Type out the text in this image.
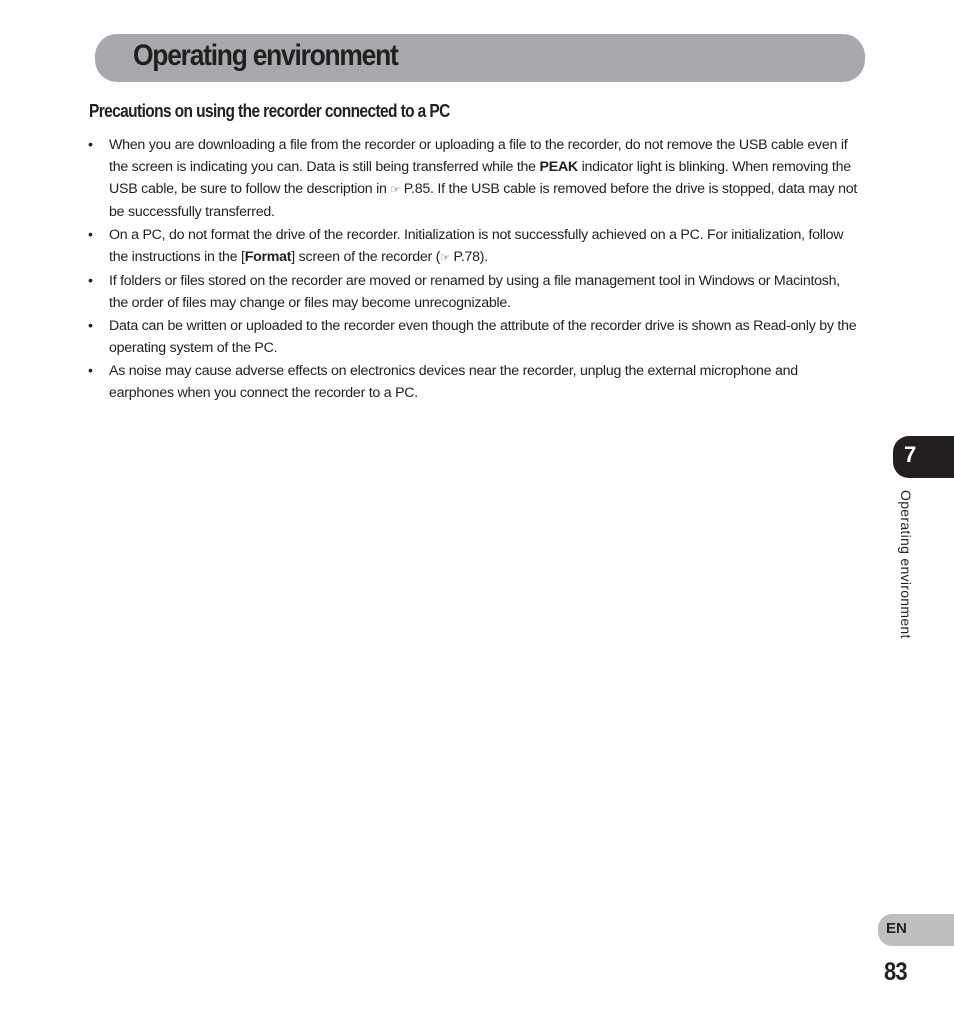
Operating environment
Precautions on using the recorder connected to a PC
• When you are downloading a file from the recorder or uploading a file to the recorder, do not remove the USB cable even if the screen is indicating you can. Data is still being transferred while the PEAK indicator light is blinking. When removing the USB cable, be sure to follow the description in ☞ P.85. If the USB cable is removed before the drive is stopped, data may not be successfully transferred.
• On a PC, do not format the drive of the recorder. Initialization is not successfully achieved on a PC. For initialization, follow the instructions in the [Format] screen of the recorder (☞ P.78).
• If folders or files stored on the recorder are moved or renamed by using a file management tool in Windows or Macintosh, the order of files may change or files may become unrecognizable.
• Data can be written or uploaded to the recorder even though the attribute of the recorder drive is shown as Read-only by the operating system of the PC.
• As noise may cause adverse effects on electronics devices near the recorder, unplug the external microphone and earphones when you connect the recorder to a PC.
7
Operating environment
EN
83
